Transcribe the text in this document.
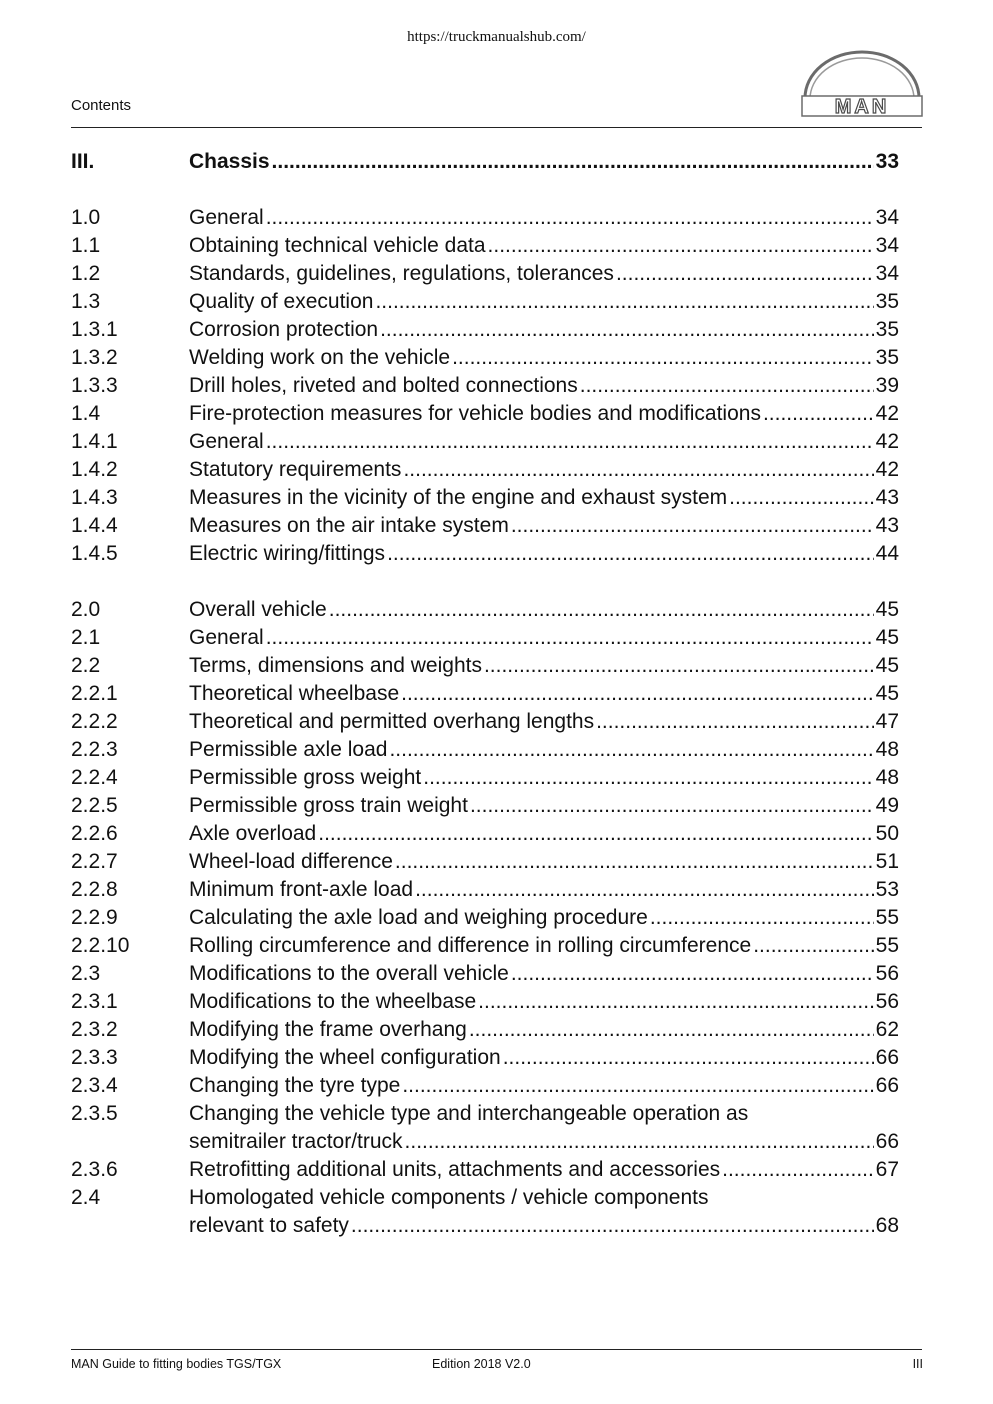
https://truckmanualshub.com/
Contents	MAN
III.	Chassis .....	33
1.0	General .....	34
1.1	Obtaining technical vehicle data .....	34
1.2	Standards, guidelines, regulations, tolerances .....	34
1.3	Quality of execution .....	35
1.3.1	Corrosion protection .....	35
1.3.2	Welding work on the vehicle .....	35
1.3.3	Drill holes, riveted and bolted connections .....	39
1.4	Fire-protection measures for vehicle bodies and modifications .....	42
1.4.1	General .....	42
1.4.2	Statutory requirements .....	42
1.4.3	Measures in the vicinity of the engine and exhaust system .....	43
1.4.4	Measures on the air intake system .....	43
1.4.5	Electric wiring/fittings .....	44
2.0	Overall vehicle .....	45
2.1	General .....	45
2.2	Terms, dimensions and weights .....	45
2.2.1	Theoretical wheelbase .....	45
2.2.2	Theoretical and permitted overhang lengths .....	47
2.2.3	Permissible axle load .....	48
2.2.4	Permissible gross weight .....	48
2.2.5	Permissible gross train weight .....	49
2.2.6	Axle overload .....	50
2.2.7	Wheel-load difference .....	51
2.2.8	Minimum front-axle load .....	53
2.2.9	Calculating the axle load and weighing procedure .....	55
2.2.10	Rolling circumference and difference in rolling circumference .....	55
2.3	Modifications to the overall vehicle .....	56
2.3.1	Modifications to the wheelbase .....	56
2.3.2	Modifying the frame overhang .....	62
2.3.3	Modifying the wheel configuration .....	66
2.3.4	Changing the tyre type .....	66
2.3.5	Changing the vehicle type and interchangeable operation as
semitrailer tractor/truck .....	66
2.3.6	Retrofitting additional units, attachments and accessories .....	67
2.4	Homologated vehicle components / vehicle components
relevant to safety .....	68
MAN Guide to fitting bodies TGS/TGX	Edition 2018 V2.0	III
